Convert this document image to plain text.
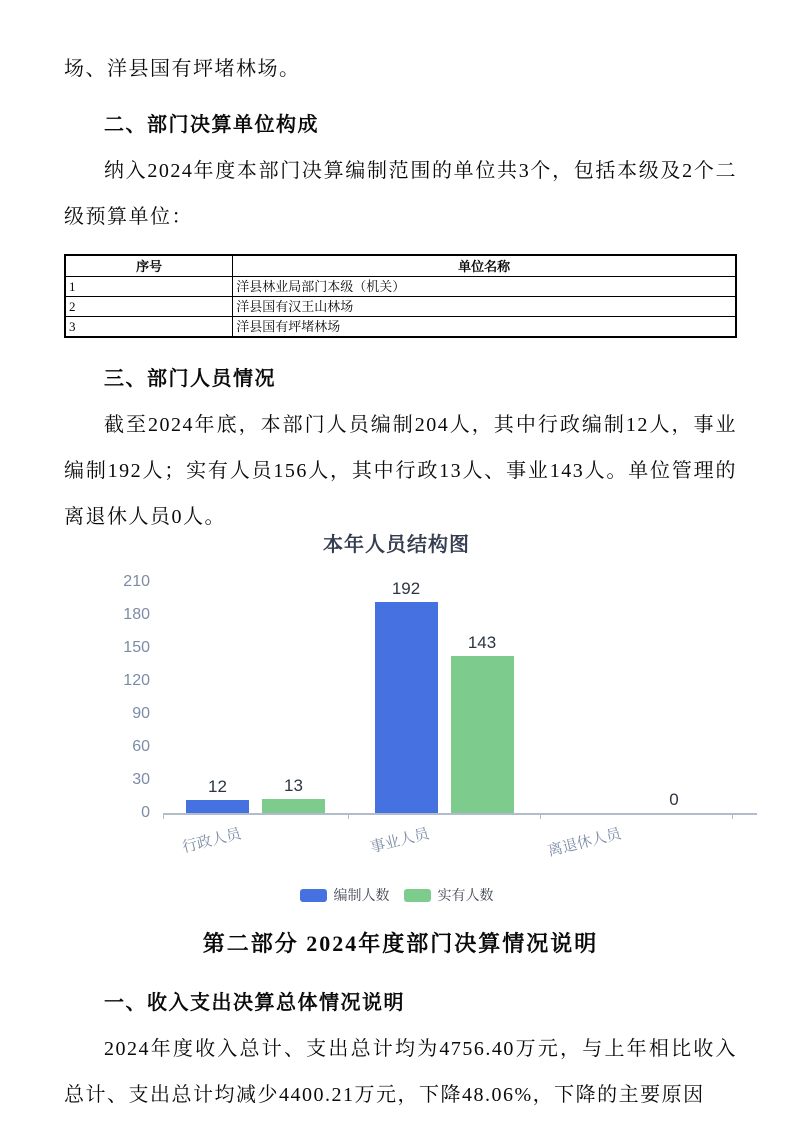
场、洋县国有坪堵林场。

二、部门决算单位构成

纳入2024年度本部门决算编制范围的单位共3个，包括本级及2个二级预算单位：

序号	单位名称
1	洋县林业局部门本级（机关）
2	洋县国有汉王山林场
3	洋县国有坪堵林场
三、部门人员情况

截至2024年底，本部门人员编制204人，其中行政编制12人，事业编制192人；实有人员156人，其中行政13人、事业143人。单位管理的离退休人员0人。

本年人员结构图
0
30
60
90
120
150
180
210
12
192
13
143
0
行政人员	事业人员	离退休人员
编制人数	实有人数
第二部分 2024年度部门决算情况说明
一、收入支出决算总体情况说明

2024年度收入总计、支出总计均为4756.40万元，与上年相比收入总计、支出总计均减少4400.21万元，下降48.06%，下降的主要原因
